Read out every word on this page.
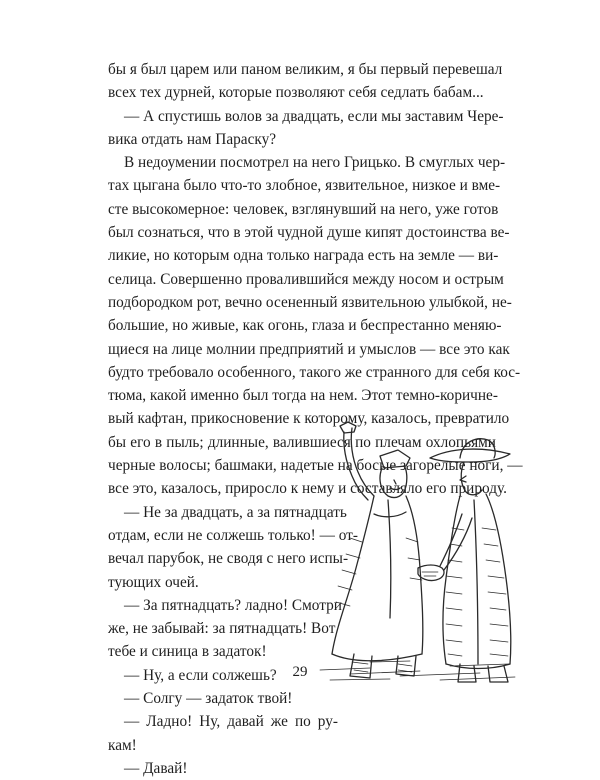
бы я был царем или паном великим, я бы первый перевешал
всех тех дурней, которые позволяют себя седлать бабам...
— А спустишь волов за двадцать, если мы заставим Чере-
вика отдать нам Параску?
В недоумении посмотрел на него Грицько. В смуглых чер-
тах цыгана было что-то злобное, язвительное, низкое и вме-
сте высокомерное: человек, взглянувший на него, уже готов
был сознаться, что в этой чудной душе кипят достоинства ве-
ликие, но которым одна только награда есть на земле — ви-
селица. Совершенно провалившийся между носом и острым
подбородком рот, вечно осененный язвительною улыбкой, не-
большие, но живые, как огонь, глаза и беспрестанно меняю-
щиеся на лице молнии предприятий и умыслов — все это как
будто требовало особенного, такого же странного для себя кос-
тюма, какой именно был тогда на нем. Этот темно-коричне-
вый кафтан, прикосновение к которому, казалось, превратило
бы его в пыль; длинные, валившиеся по плечам охлопьями
черные волосы; башмаки, надетые на босые загорелые ноги, —
все это, казалось, приросло к нему и составляло его природу.
— Не за двадцать, а за пятнадцать
отдам, если не солжешь только! — от-
вечал парубок, не сводя с него испы-
тующих очей.
— За пятнадцать? ладно! Смотри
же, не забывай: за пятнадцать! Вот
тебе и синица в задаток!
— Ну, а если солжешь?
— Солгу — задаток твой!
— Ладно! Ну, давай же по ру-
кам!
— Давай!
29
